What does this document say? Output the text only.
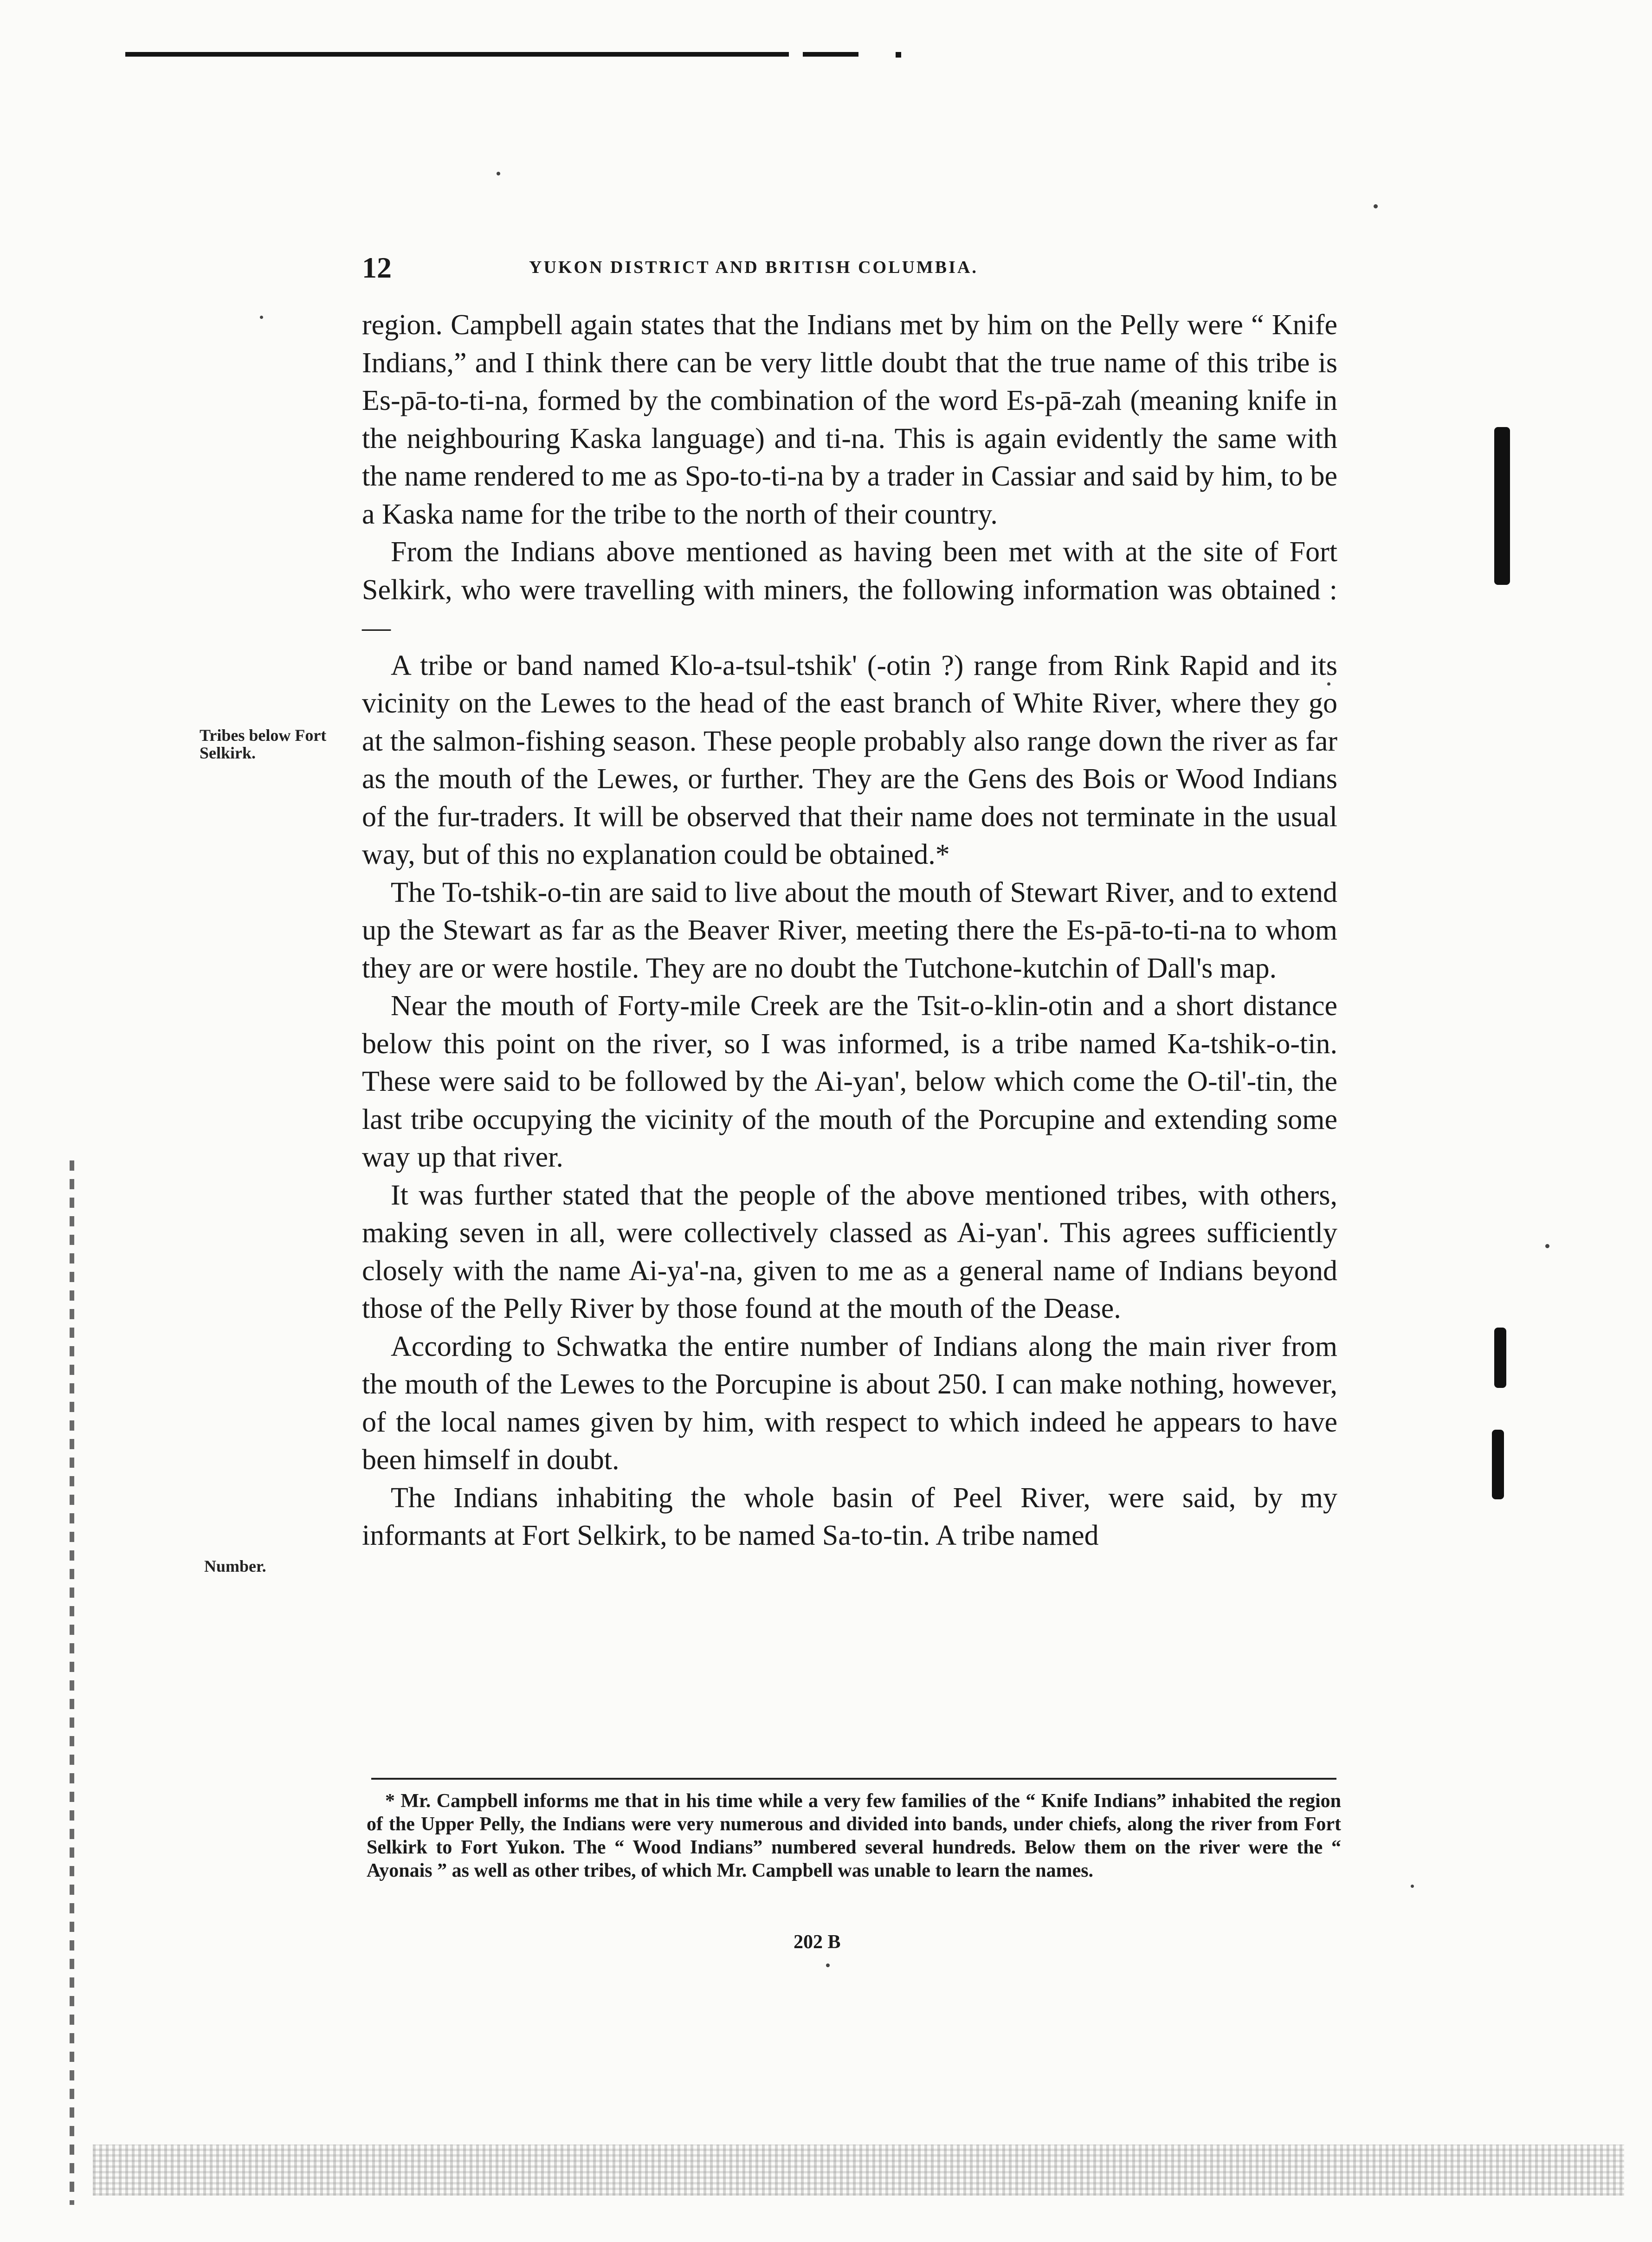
12	YUKON DISTRICT AND BRITISH COLUMBIA.
Tribes below Fort Selkirk.
Number.

region. Campbell again states that the Indians met by him on the Pelly were “ Knife Indians,” and I think there can be very little doubt that the true name of this tribe is Es-pā-to-ti-na, formed by the combination of the word Es-pā-zah (meaning knife in the neighbouring Kaska language) and ti-na. This is again evidently the same with the name rendered to me as Spo-to-ti-na by a trader in Cassiar and said by him, to be a Kaska name for the tribe to the north of their country.

From the Indians above mentioned as having been met with at the site of Fort Selkirk, who were travelling with miners, the following information was obtained :—

A tribe or band named Klo-a-tsul-tshik' (-otin ?) range from Rink Rapid and its vicinity on the Lewes to the head of the east branch of White River, where they go at the salmon-fishing season. These people probably also range down the river as far as the mouth of the Lewes, or further. They are the Gens des Bois or Wood Indians of the fur-traders. It will be observed that their name does not terminate in the usual way, but of this no explanation could be obtained.*

The To-tshik-o-tin are said to live about the mouth of Stewart River, and to extend up the Stewart as far as the Beaver River, meeting there the Es-pā-to-ti-na to whom they are or were hostile. They are no doubt the Tutchone-kutchin of Dall's map.

Near the mouth of Forty-mile Creek are the Tsit-o-klin-otin and a short distance below this point on the river, so I was informed, is a tribe named Ka-tshik-o-tin. These were said to be followed by the Ai-yan', below which come the O-til'-tin, the last tribe occupying the vicinity of the mouth of the Porcupine and extending some way up that river.

It was further stated that the people of the above mentioned tribes, with others, making seven in all, were collectively classed as Ai-yan'. This agrees sufficiently closely with the name Ai-ya'-na, given to me as a general name of Indians beyond those of the Pelly River by those found at the mouth of the Dease.

According to Schwatka the entire number of Indians along the main river from the mouth of the Lewes to the Porcupine is about 250. I can make nothing, however, of the local names given by him, with respect to which indeed he appears to have been himself in doubt.

The Indians inhabiting the whole basin of Peel River, were said, by my informants at Fort Selkirk, to be named Sa-to-tin. A tribe named

* Mr. Campbell informs me that in his time while a very few families of the “ Knife Indians” inhabited the region of the Upper Pelly, the Indians were very numerous and divided into bands, under chiefs, along the river from Fort Selkirk to Fort Yukon. The “ Wood Indians” numbered several hundreds. Below them on the river were the “ Ayonais ” as well as other tribes, of which Mr. Campbell was unable to learn the names.

202 B
